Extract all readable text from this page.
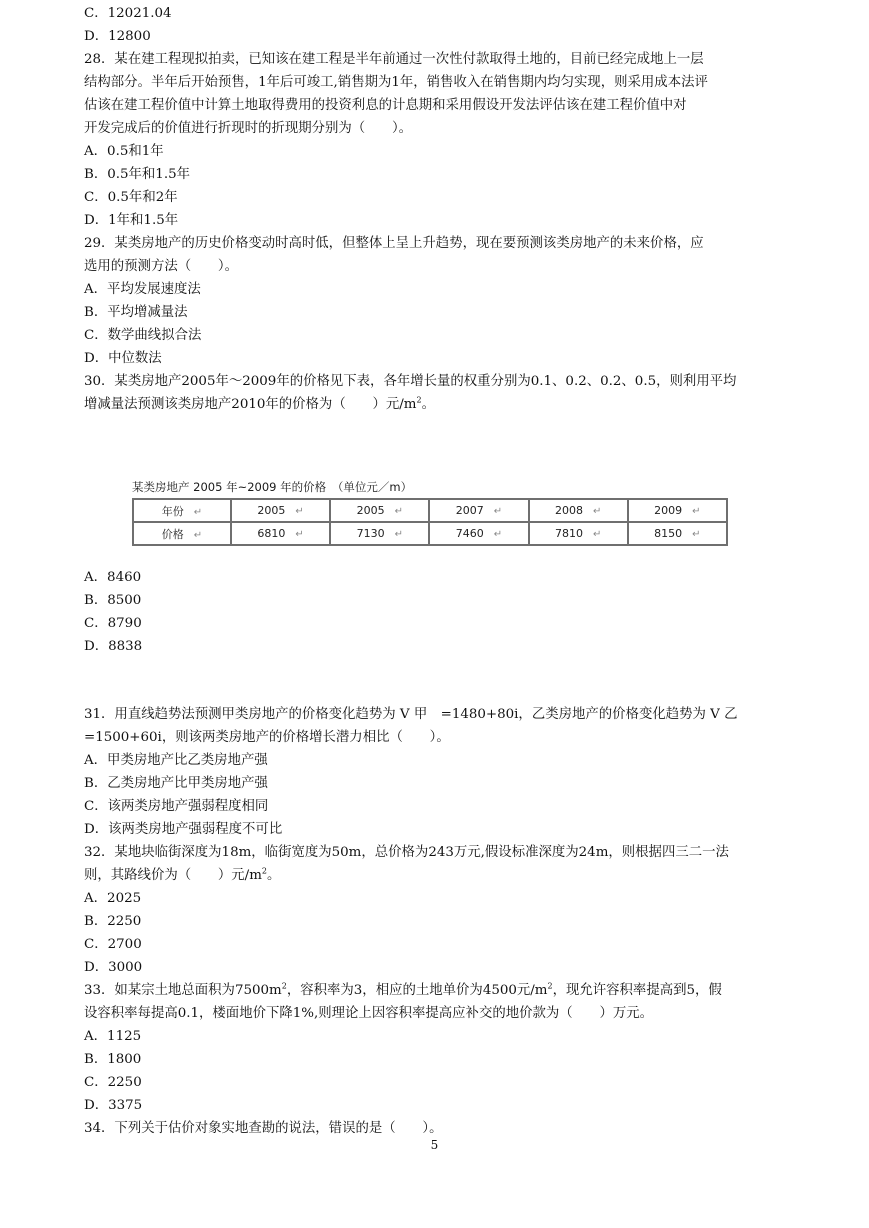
C．12021.04
D．12800
28．某在建工程现拟拍卖，已知该在建工程是半年前通过一次性付款取得土地的，目前已经完成地上一层
结构部分。半年后开始预售，1年后可竣工,销售期为1年，销售收入在销售期内均匀实现，则采用成本法评
估该在建工程价值中计算土地取得费用的投资利息的计息期和采用假设开发法评估该在建工程价值中对
开发完成后的价值进行折现时的折现期分别为（　　）。
A．0.5和1年
B．0.5年和1.5年
C．0.5年和2年
D．1年和1.5年
29．某类房地产的历史价格变动时高时低，但整体上呈上升趋势，现在要预测该类房地产的未来价格，应
选用的预测方法（　　）。
A．平均发展速度法
B．平均增减量法
C．数学曲线拟合法
D．中位数法
30．某类房地产2005年～2009年的价格见下表，各年增长量的权重分别为0.1、0.2、0.2、0.5，则利用平均
增减量法预测该类房地产2010年的价格为（　　）元$/m^2$。
某类房地产 2005 年~2009 年的价格　（单位元／m）
年份 ↵	2005 ↵	2005 ↵	2007 ↵	2008 ↵	2009 ↵
价格 ↵	6810 ↵	7130 ↵	7460 ↵	7810 ↵	8150 ↵
A．8460
B．8500
C．8790
D．8838
31．用直线趋势法预测甲类房地产的价格变化趋势为 V 甲　=1480+80i，乙类房地产的价格变化趋势为 V 乙
=1500+60i，则该两类房地产的价格增长潜力相比（　　）。
A．甲类房地产比乙类房地产强
B．乙类房地产比甲类房地产强
C．该两类房地产强弱程度相同
D．该两类房地产强弱程度不可比
32．某地块临街深度为18m，临街宽度为50m，总价格为243万元,假设标准深度为24m，则根据四三二一法
则，其路线价为（　　）元$/m^2$。
A．2025
B．2250
C．2700
D．3000
33．如某宗土地总面积为$7500m^2$，容积率为3，相应的土地单价为4500元$/m^2$，现允许容积率提高到5，假
设容积率每提高0.1，楼面地价下降1%,则理论上因容积率提高应补交的地价款为（　　）万元。
A．1125
B．1800
C．2250
D．3375
34．下列关于估价对象实地查勘的说法，错误的是（　　）。
5
